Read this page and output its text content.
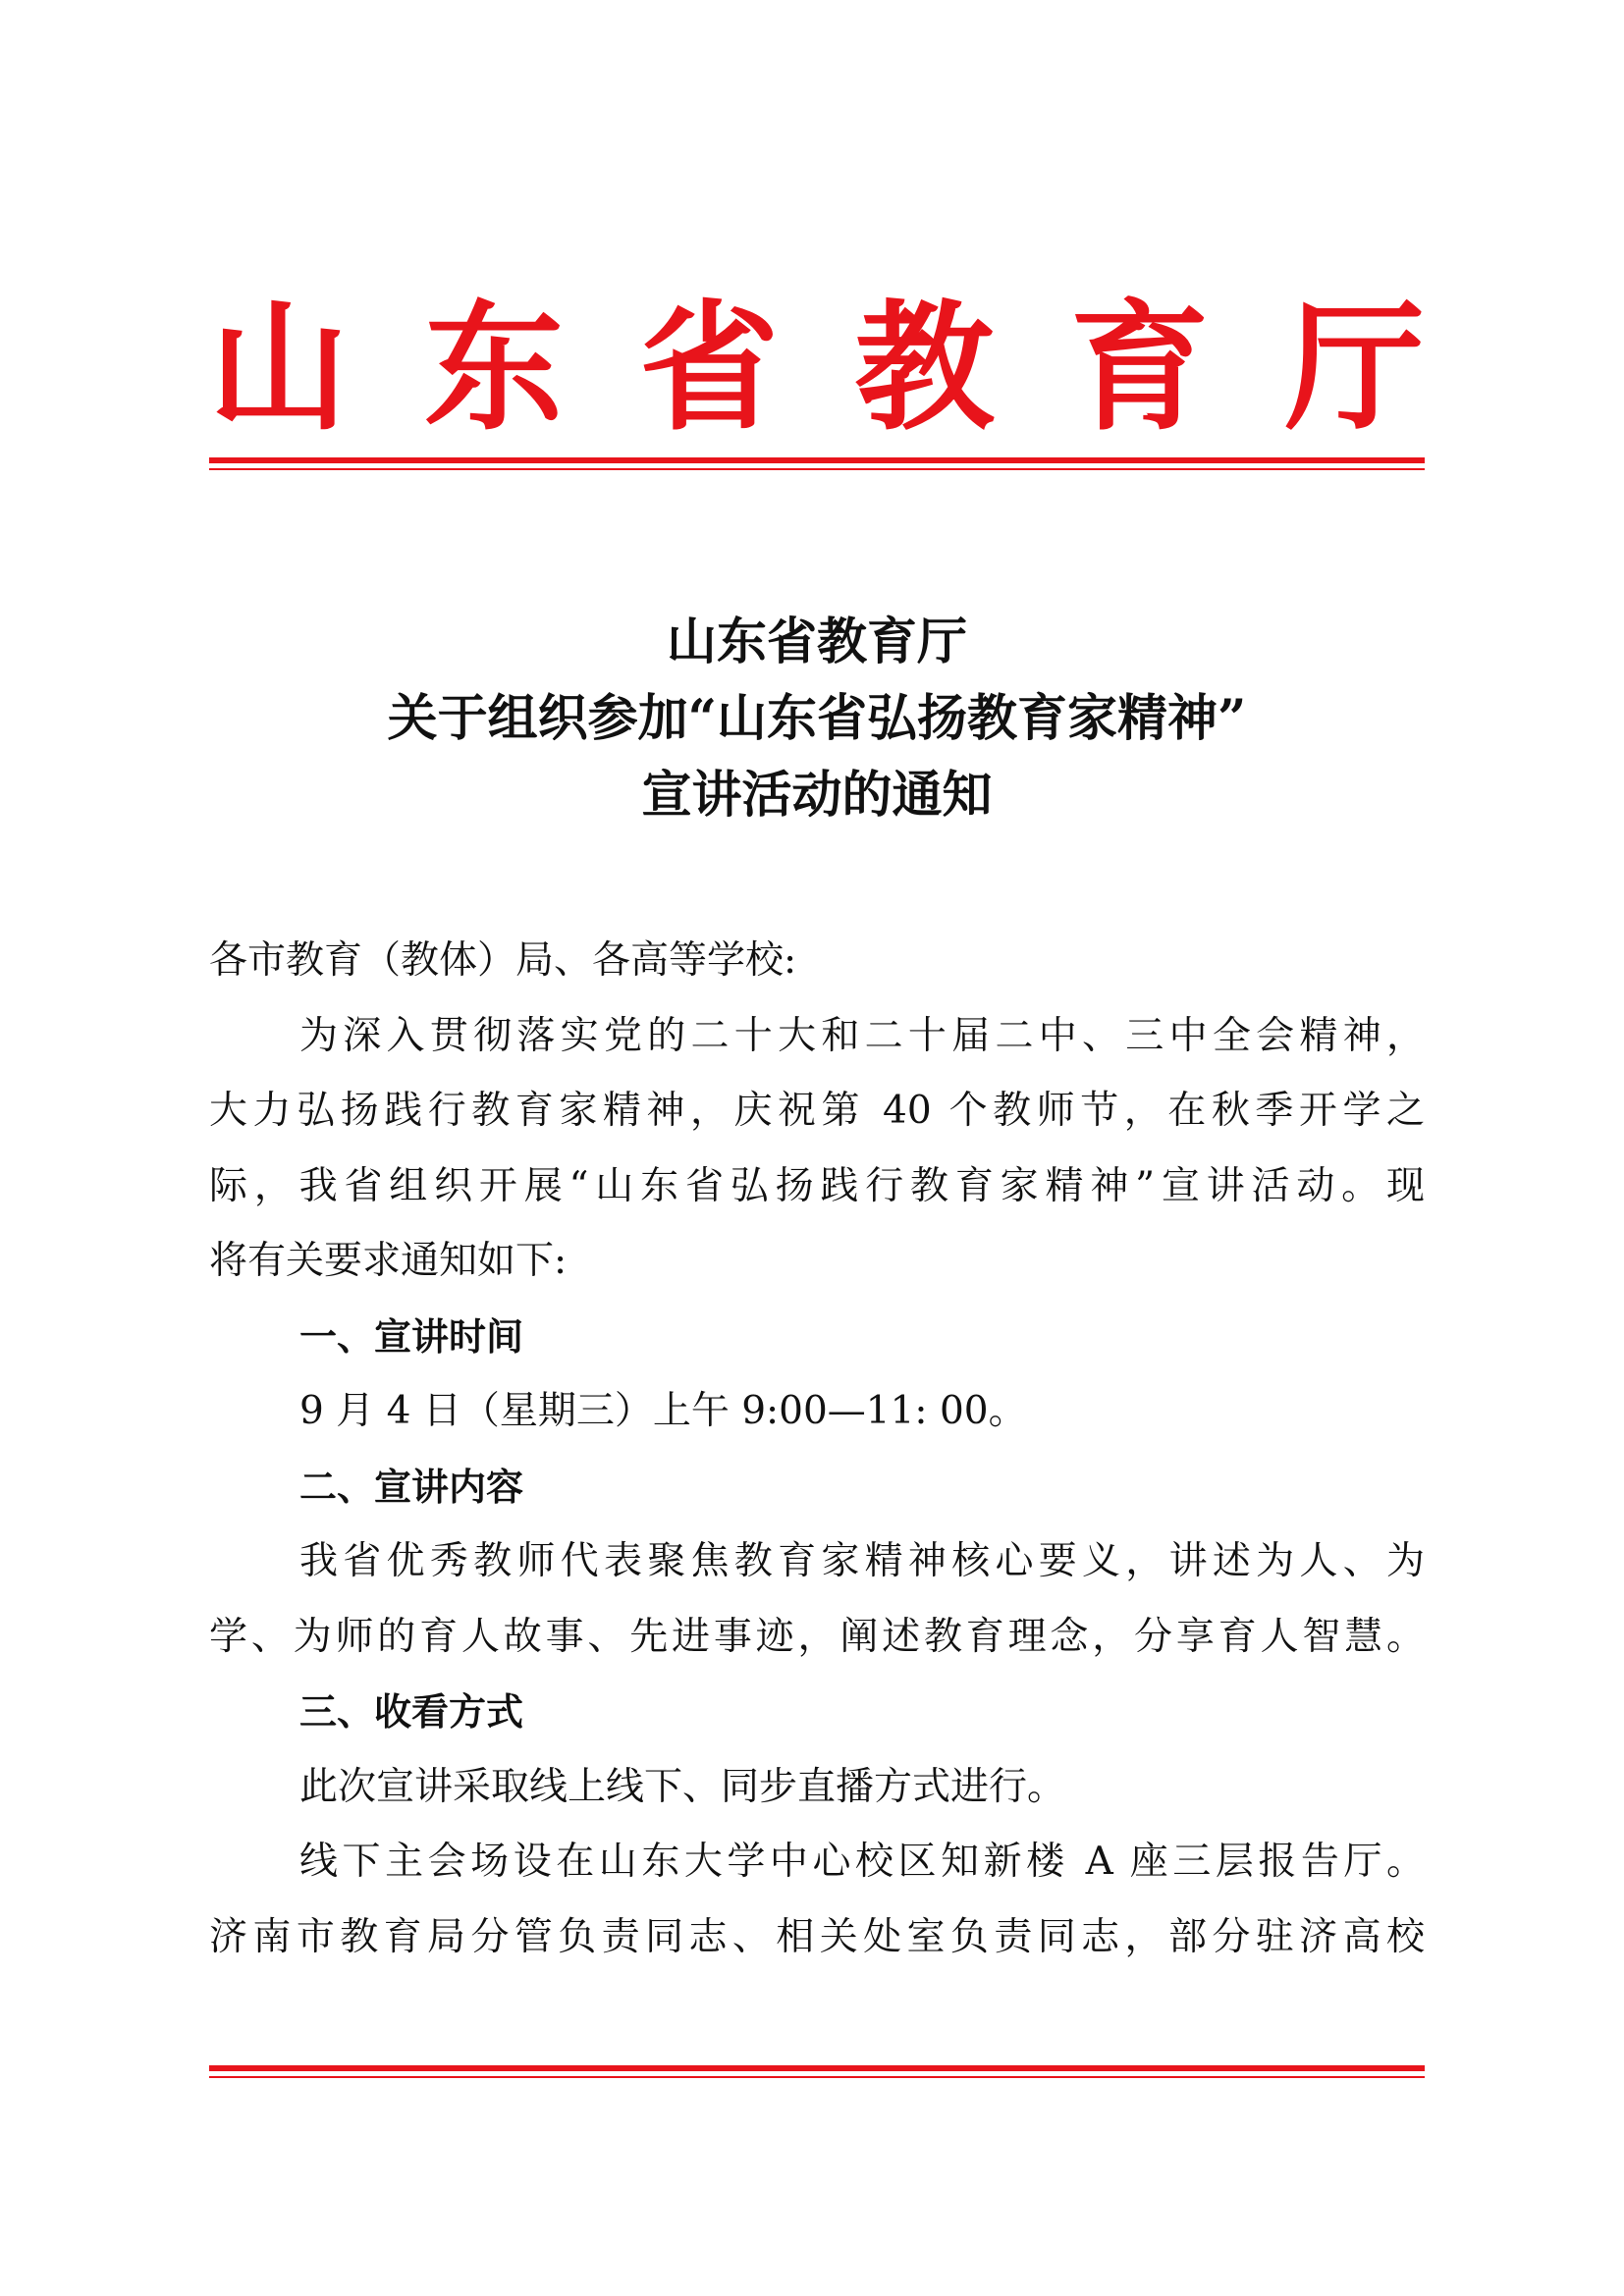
山 东 省 教 育 厅
山东省教育厅
关于组织参加“山东省弘扬教育家精神”
宣讲活动的通知
各市教育（教体）局、各高等学校:
为深入贯彻落实党的二十大和二十届二中、三中全会精神，
大力弘扬践行教育家精神，庆祝第 40 个教师节，在秋季开学之
际，我省组织开展“山东省弘扬践行教育家精神”宣讲活动。现
将有关要求通知如下:
一、宣讲时间
9 月 4 日（星期三）上午 9:00—11: 00。
二、宣讲内容
我省优秀教师代表聚焦教育家精神核心要义，讲述为人、为
学、为师的育人故事、先进事迹，阐述教育理念，分享育人智慧。
三、收看方式
此次宣讲采取线上线下、同步直播方式进行。
线下主会场设在山东大学中心校区知新楼 A 座三层报告厅。
济南市教育局分管负责同志、相关处室负责同志，部分驻济高校
